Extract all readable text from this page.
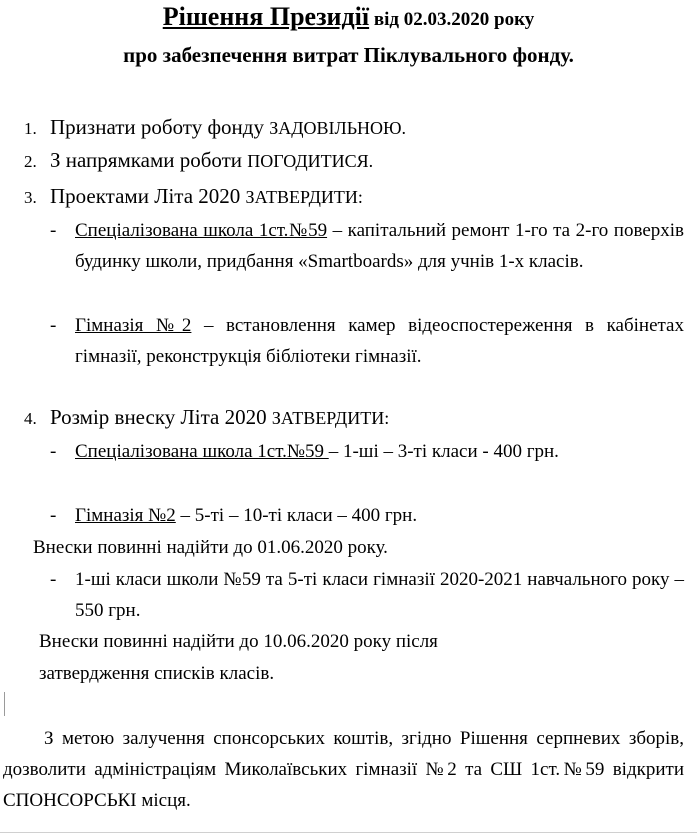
Рішення Президії від 02.03.2020 року
про забезпечення витрат Піклувального фонду.
1. Признати роботу фонду ЗАДОВІЛЬНОЮ.
2. З напрямками роботи ПОГОДИТИСЯ.
3. Проектами Літа 2020 ЗАТВЕРДИТИ:
- Спеціалізована школа 1ст.№59 – капітальний ремонт 1-го та 2-го поверхів будинку школи, придбання «Smartboards» для учнів 1-х класів.
- Гімназія №2 – встановлення камер відеоспостереження в кабінетах гімназії, реконструкція бібліотеки гімназії.
4. Розмір внеску Літа 2020 ЗАТВЕРДИТИ:
- Спеціалізована школа 1ст.№59 – 1-ші – 3-ті класи - 400 грн.
- Гімназія №2 – 5-ті – 10-ті класи – 400 грн.
Внески повинні надійти до 01.06.2020 року.
- 1-ші класи школи №59 та 5-ті класи гімназії 2020-2021 навчального року – 550 грн.
Внески повинні надійти до 10.06.2020 року після
затвердження списків класів.
З метою залучення спонсорських коштів, згідно Рішення серпневих зборів, дозволити адміністраціям Миколаївських гімназії №2 та СШ 1ст.№59 відкрити СПОНСОРСЬКІ місця.
